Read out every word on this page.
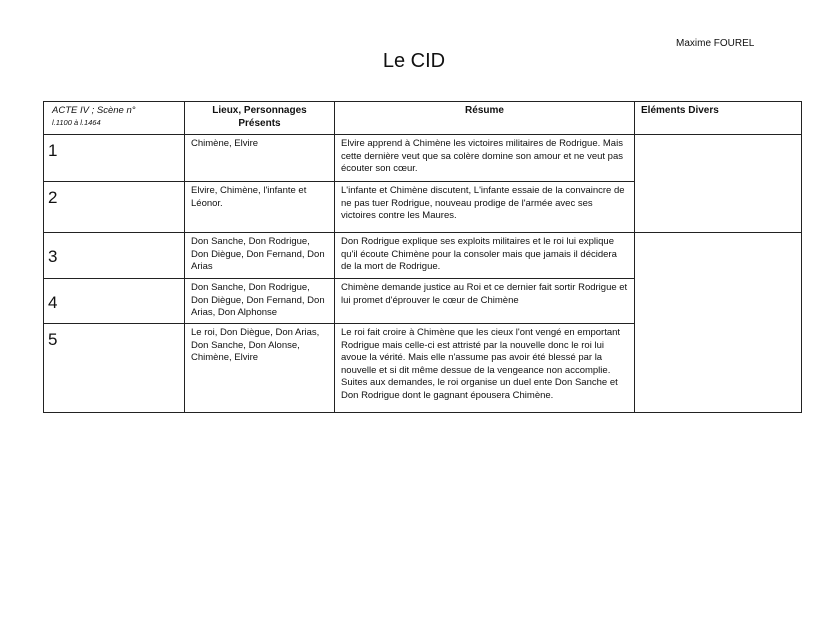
Maxime FOUREL
Le CID
ACTE IV ; Scène n°
l.1100 à l.1464	Lieux, Personnages Présents	Résume	Eléments Divers
1	Chimène, Elvire	Elvire apprend à Chimène les victoires militaires de Rodrigue. Mais cette dernière veut que sa colère domine son amour et ne veut pas écouter son cœur.	
2	Elvire, Chimène, l'infante et Léonor.	L'infante et Chimène discutent, L'infante essaie de la convaincre de ne pas tuer Rodrigue, nouveau prodige de l'armée avec ses victoires contre les Maures.	
3	Don Sanche, Don Rodrigue, Don Diègue, Don Fernand, Don Arias	Don Rodrigue explique ses exploits militaires et le roi lui explique qu'il écoute Chimène pour la consoler mais que jamais il décidera de la mort de Rodrigue.	
4	Don Sanche, Don Rodrigue, Don Diègue, Don Fernand, Don Arias, Don Alphonse	Chimène demande justice au Roi et ce dernier fait sortir Rodrigue et lui promet d'éprouver le cœur de Chimène	
5	Le roi, Don Diègue, Don Arias, Don Sanche, Don Alonse, Chimène, Elvire	Le roi fait croire à Chimène que les cieux l'ont vengé en emportant Rodrigue mais celle-ci est attristé par la nouvelle donc le roi lui avoue la vérité. Mais elle n'assume pas avoir été blessé par la nouvelle et si dit même dessue de la vengeance non accomplie. Suites aux demandes, le roi organise un duel ente Don Sanche et Don Rodrigue dont le gagnant épousera Chimène.	
